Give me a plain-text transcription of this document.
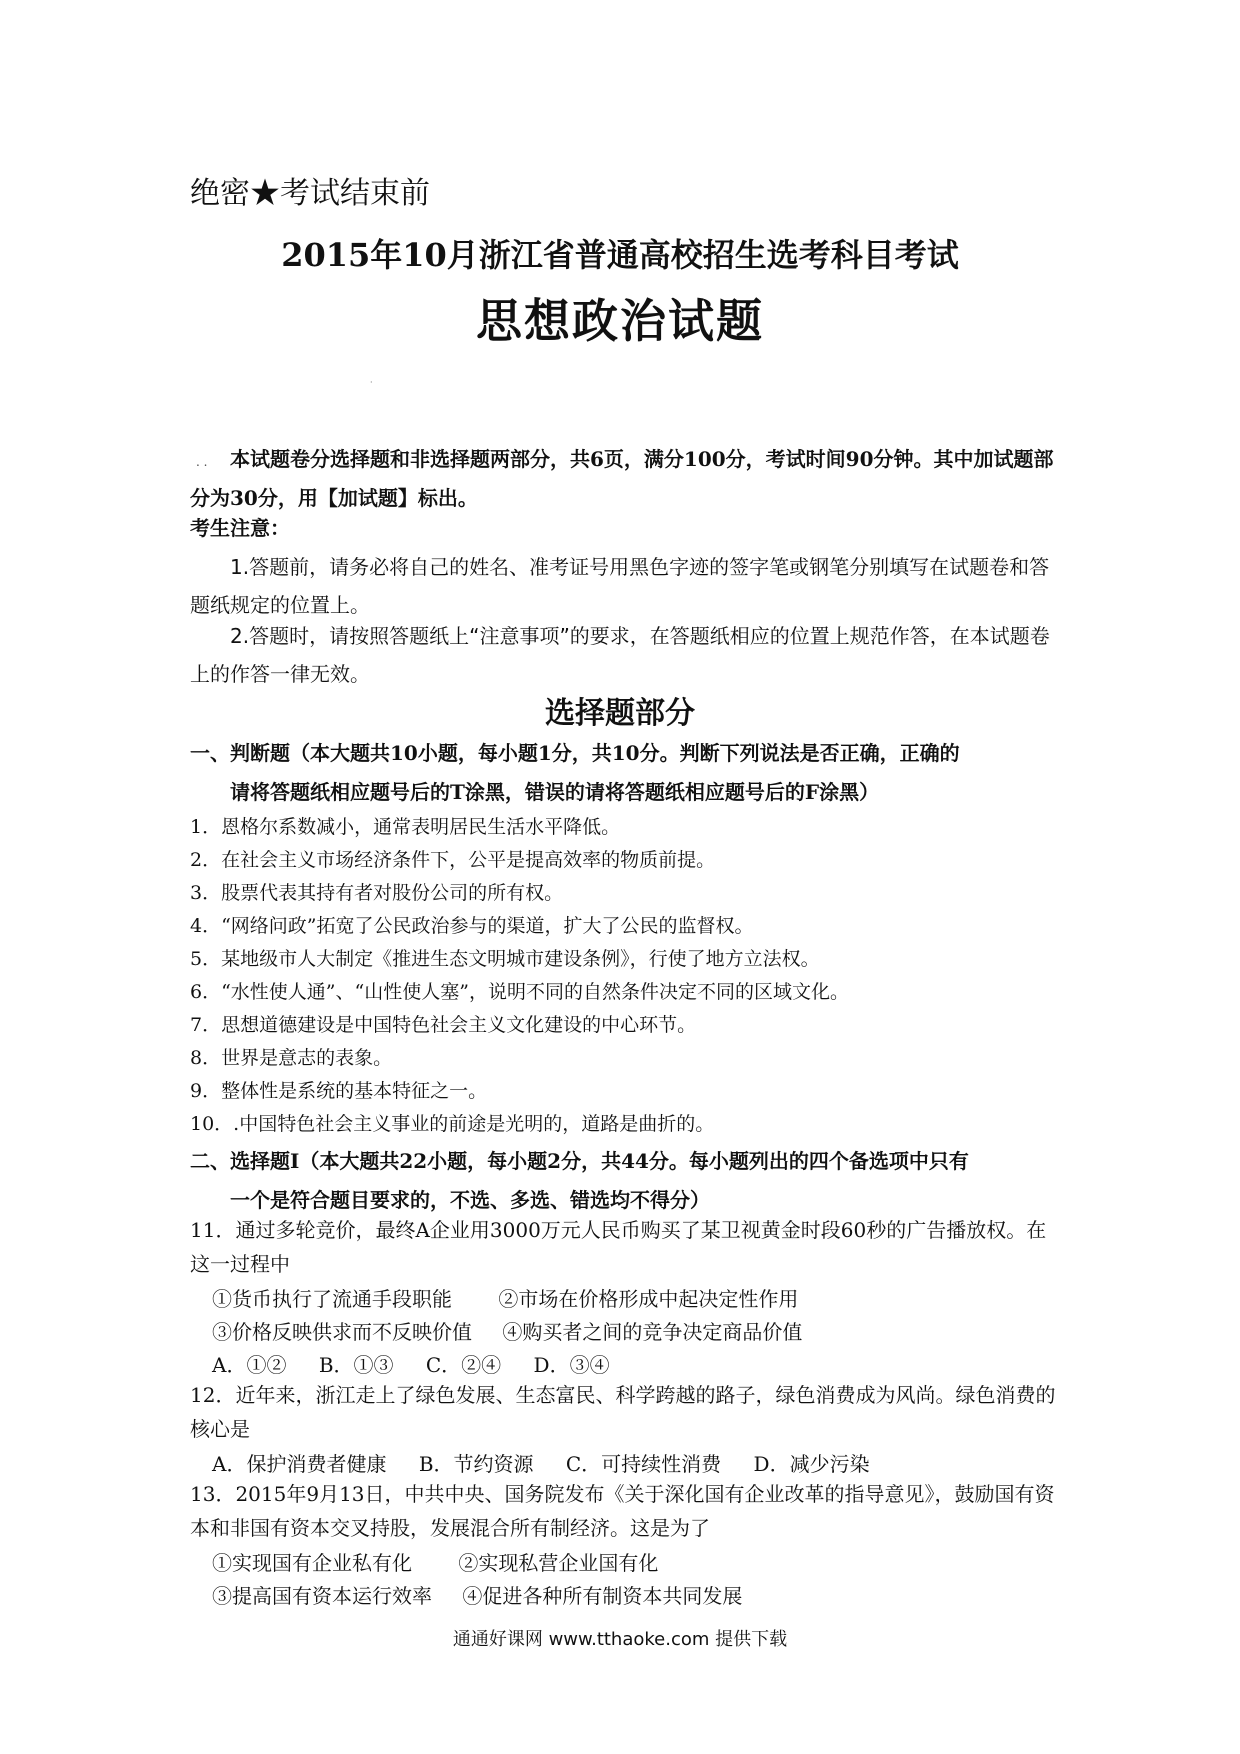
绝密★考试结束前
2015年10月浙江省普通高校招生选考科目考试
思想政治试题
·
. .	本试题卷分选择题和非选择题两部分，共6页，满分100分，考试时间90分钟。其中加试题部分为30分，用【加试题】标出。
考生注意：
1.答题前，请务必将自己的姓名、准考证号用黑色字迹的签字笔或钢笔分别填写在试题卷和答题纸规定的位置上。
2.答题时，请按照答题纸上“注意事项”的要求，在答题纸相应的位置上规范作答，在本试题卷上的作答一律无效。
选择题部分
一、判断题（本大题共10小题，每小题1分，共10分。判断下列说法是否正确，正确的
请将答题纸相应题号后的T涂黑，错误的请将答题纸相应题号后的F涂黑）
1．恩格尔系数减小，通常表明居民生活水平降低。
2．在社会主义市场经济条件下，公平是提高效率的物质前提。
3．股票代表其持有者对股份公司的所有权。
4．“网络问政”拓宽了公民政治参与的渠道，扩大了公民的监督权。
5．某地级市人大制定《推进生态文明城市建设条例》，行使了地方立法权。
6．“水性使人通”、“山性使人塞”，说明不同的自然条件决定不同的区域文化。
7．思想道德建设是中国特色社会主义文化建设的中心环节。
8．世界是意志的表象。
9．整体性是系统的基本特征之一。
10．.中国特色社会主义事业的前途是光明的，道路是曲折的。
二、选择题Ⅰ（本大题共22小题，每小题2分，共44分。每小题列出的四个备选项中只有
一个是符合题目要求的，不选、多选、错选均不得分）
11．通过多轮竞价，最终A企业用3000万元人民币购买了某卫视黄金时段60秒的广告播放权。在这一过程中
①货币执行了流通手段职能 ②市场在价格形成中起决定性作用
③价格反映供求而不反映价值 ④购买者之间的竞争决定商品价值
A．①② B．①③ C．②④ D．③④
12．近年来，浙江走上了绿色发展、生态富民、科学跨越的路子，绿色消费成为风尚。绿色消费的核心是
A．保护消费者健康 B．节约资源 C．可持续性消费 D．减少污染
13．2015年9月13日，中共中央、国务院发布《关于深化国有企业改革的指导意见》，鼓励国有资本和非国有资本交叉持股，发展混合所有制经济。这是为了
①实现国有企业私有化 ②实现私营企业国有化
③提高国有资本运行效率 ④促进各种所有制资本共同发展
通通好课网 www.tthaoke.com 提供下载
